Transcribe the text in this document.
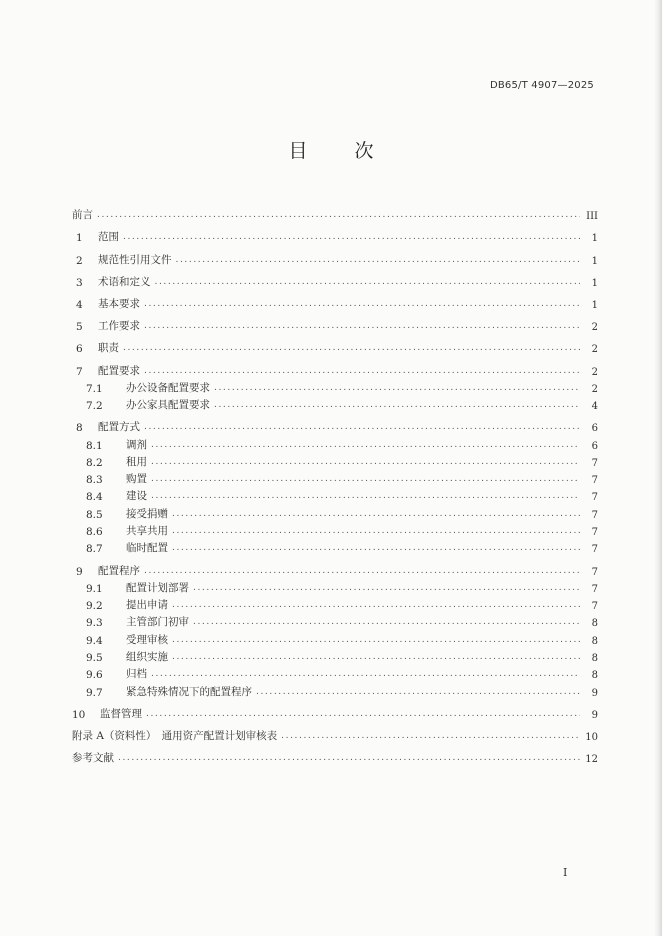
DB65/T 4907—2025
目　次
前言 .....	III
1	范围 .....	1
2	规范性引用文件 .....	1
3	术语和定义 .....	1
4	基本要求 .....	1
5	工作要求 .....	2
6	职责 .....	2
7	配置要求 .....	2
7.1	办公设备配置要求 .....	2
7.2	办公家具配置要求 .....	4
8	配置方式 .....	6
8.1	调剂 .....	6
8.2	租用 .....	7
8.3	购置 .....	7
8.4	建设 .....	7
8.5	接受捐赠 .....	7
8.6	共享共用 .....	7
8.7	临时配置 .....	7
9	配置程序 .....	7
9.1	配置计划部署 .....	7
9.2	提出申请 .....	7
9.3	主管部门初审 .....	8
9.4	受理审核 .....	8
9.5	组织实施 .....	8
9.6	归档 .....	8
9.7	紧急特殊情况下的配置程序 .....	9
10	监督管理 .....	9
附录 A（资料性）　通用资产配置计划审核表 .....	10
参考文献 .....	12
I
